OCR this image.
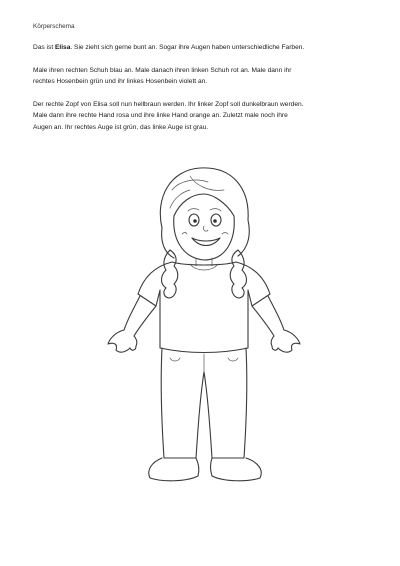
Körperschema

Das ist Elisa. Sie zieht sich gerne bunt an. Sogar ihre Augen haben unterschiedliche Farben.

Male ihren rechten Schuh blau an. Male danach ihren linken Schuh rot an. Male dann ihr

rechtes Hosenbein grün und ihr linkes Hosenbein violett an.

Der rechte Zopf von Elisa soll nun hellbraun werden. Ihr linker Zopf soll dunkelbraun werden.

Male dann ihre rechte Hand rosa und ihre linke Hand orange an. Zuletzt male noch ihre

Augen an. Ihr rechtes Auge ist grün, das linke Auge ist grau.
